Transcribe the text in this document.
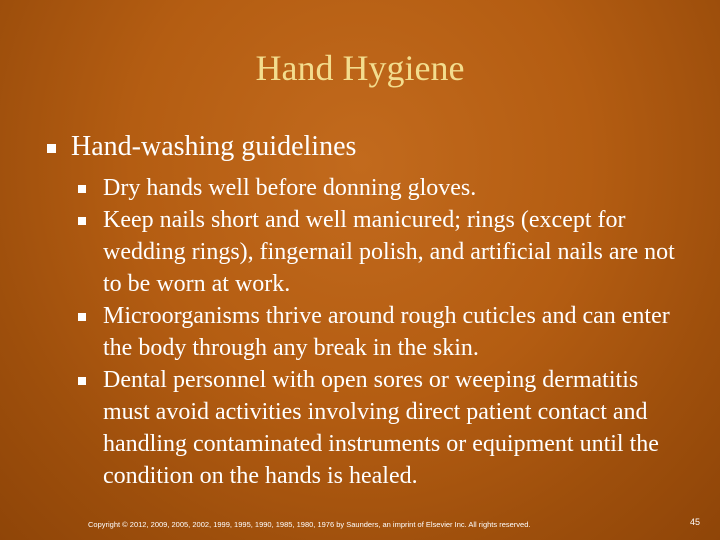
Hand Hygiene
Hand-washing guidelines
Dry hands well before donning gloves.
Keep nails short and well manicured; rings (except for wedding rings), fingernail polish, and artificial nails are not to be worn at work.
Microorganisms thrive around rough cuticles and can enter the body through any break in the skin.
Dental personnel with open sores or weeping dermatitis must avoid activities involving direct patient contact and handling contaminated instruments or equipment until the condition on the hands is healed.
Copyright © 2012, 2009, 2005, 2002, 1999, 1995, 1990, 1985, 1980, 1976 by Saunders, an imprint of Elsevier Inc. All rights reserved.	45
